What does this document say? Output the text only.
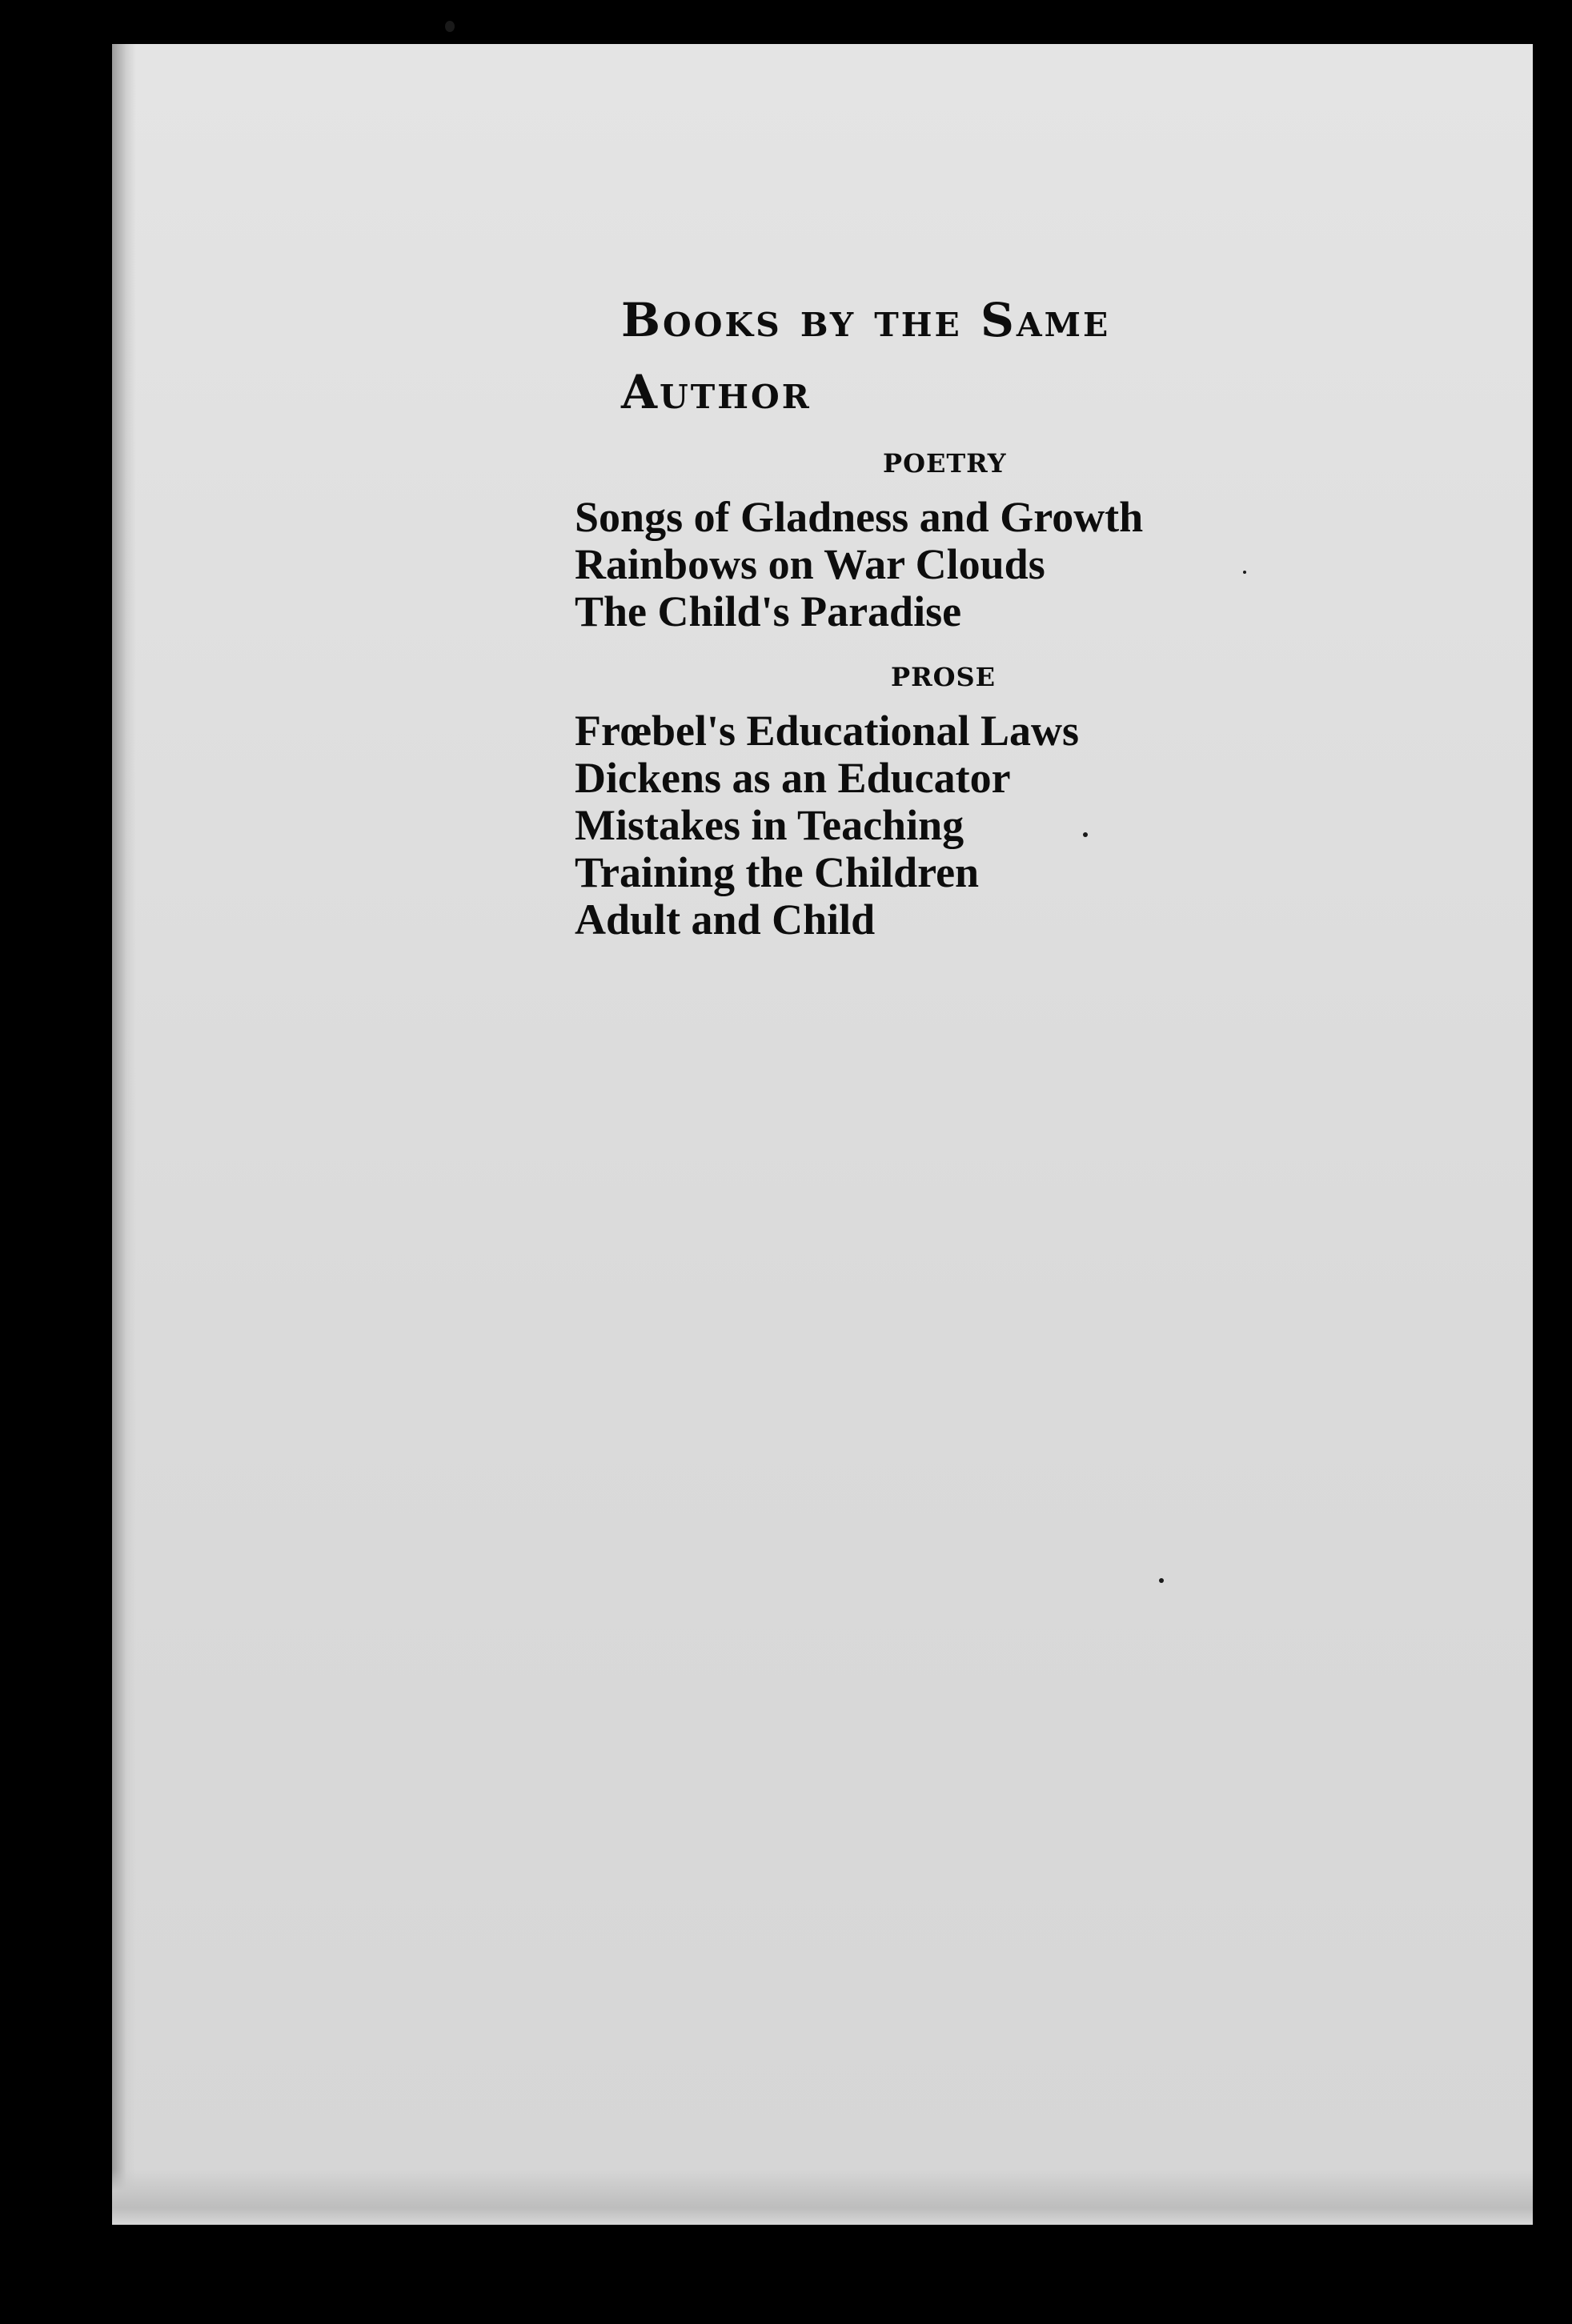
Books by the Same Author
POETRY
Songs of Gladness and Growth
Rainbows on War Clouds
The Child's Paradise
PROSE
Frœbel's Educational Laws
Dickens as an Educator
Mistakes in Teaching
Training the Children
Adult and Child
